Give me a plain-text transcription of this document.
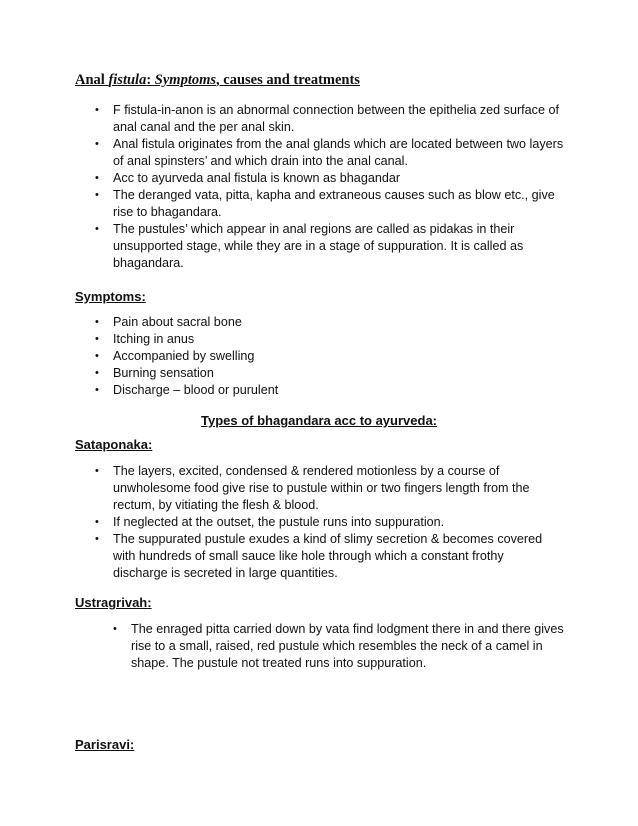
Anal fistula: Symptoms, causes and treatments
• F fistula-in-anon is an abnormal connection between the epithelia zed surface of anal canal and the per anal skin.
• Anal fistula originates from the anal glands which are located between two layers of anal spinsters’ and which drain into the anal canal.
• Acc to ayurveda anal fistula is known as bhagandar
• The deranged vata, pitta, kapha and extraneous causes such as blow etc., give rise to bhagandara.
• The pustules’ which appear in anal regions are called as pidakas in their unsupported stage, while they are in a stage of suppuration. It is called as bhagandara.
Symptoms:
• Pain about sacral bone
• Itching in anus
• Accompanied by swelling
• Burning sensation
• Discharge – blood or purulent
Types of bhagandara acc to ayurveda:
Sataponaka:
• The layers, excited, condensed & rendered motionless by a course of unwholesome food give rise to pustule within or two fingers length from the rectum, by vitiating the flesh & blood.
• If neglected at the outset, the pustule runs into suppuration.
• The suppurated pustule exudes a kind of slimy secretion & becomes covered with hundreds of small sauce like hole through which a constant frothy discharge is secreted in large quantities.
Ustragrivah:
• The enraged pitta carried down by vata find lodgment there in and there gives rise to a small, raised, red pustule which resembles the neck of a camel in shape. The pustule not treated runs into suppuration.
Parisravi:
